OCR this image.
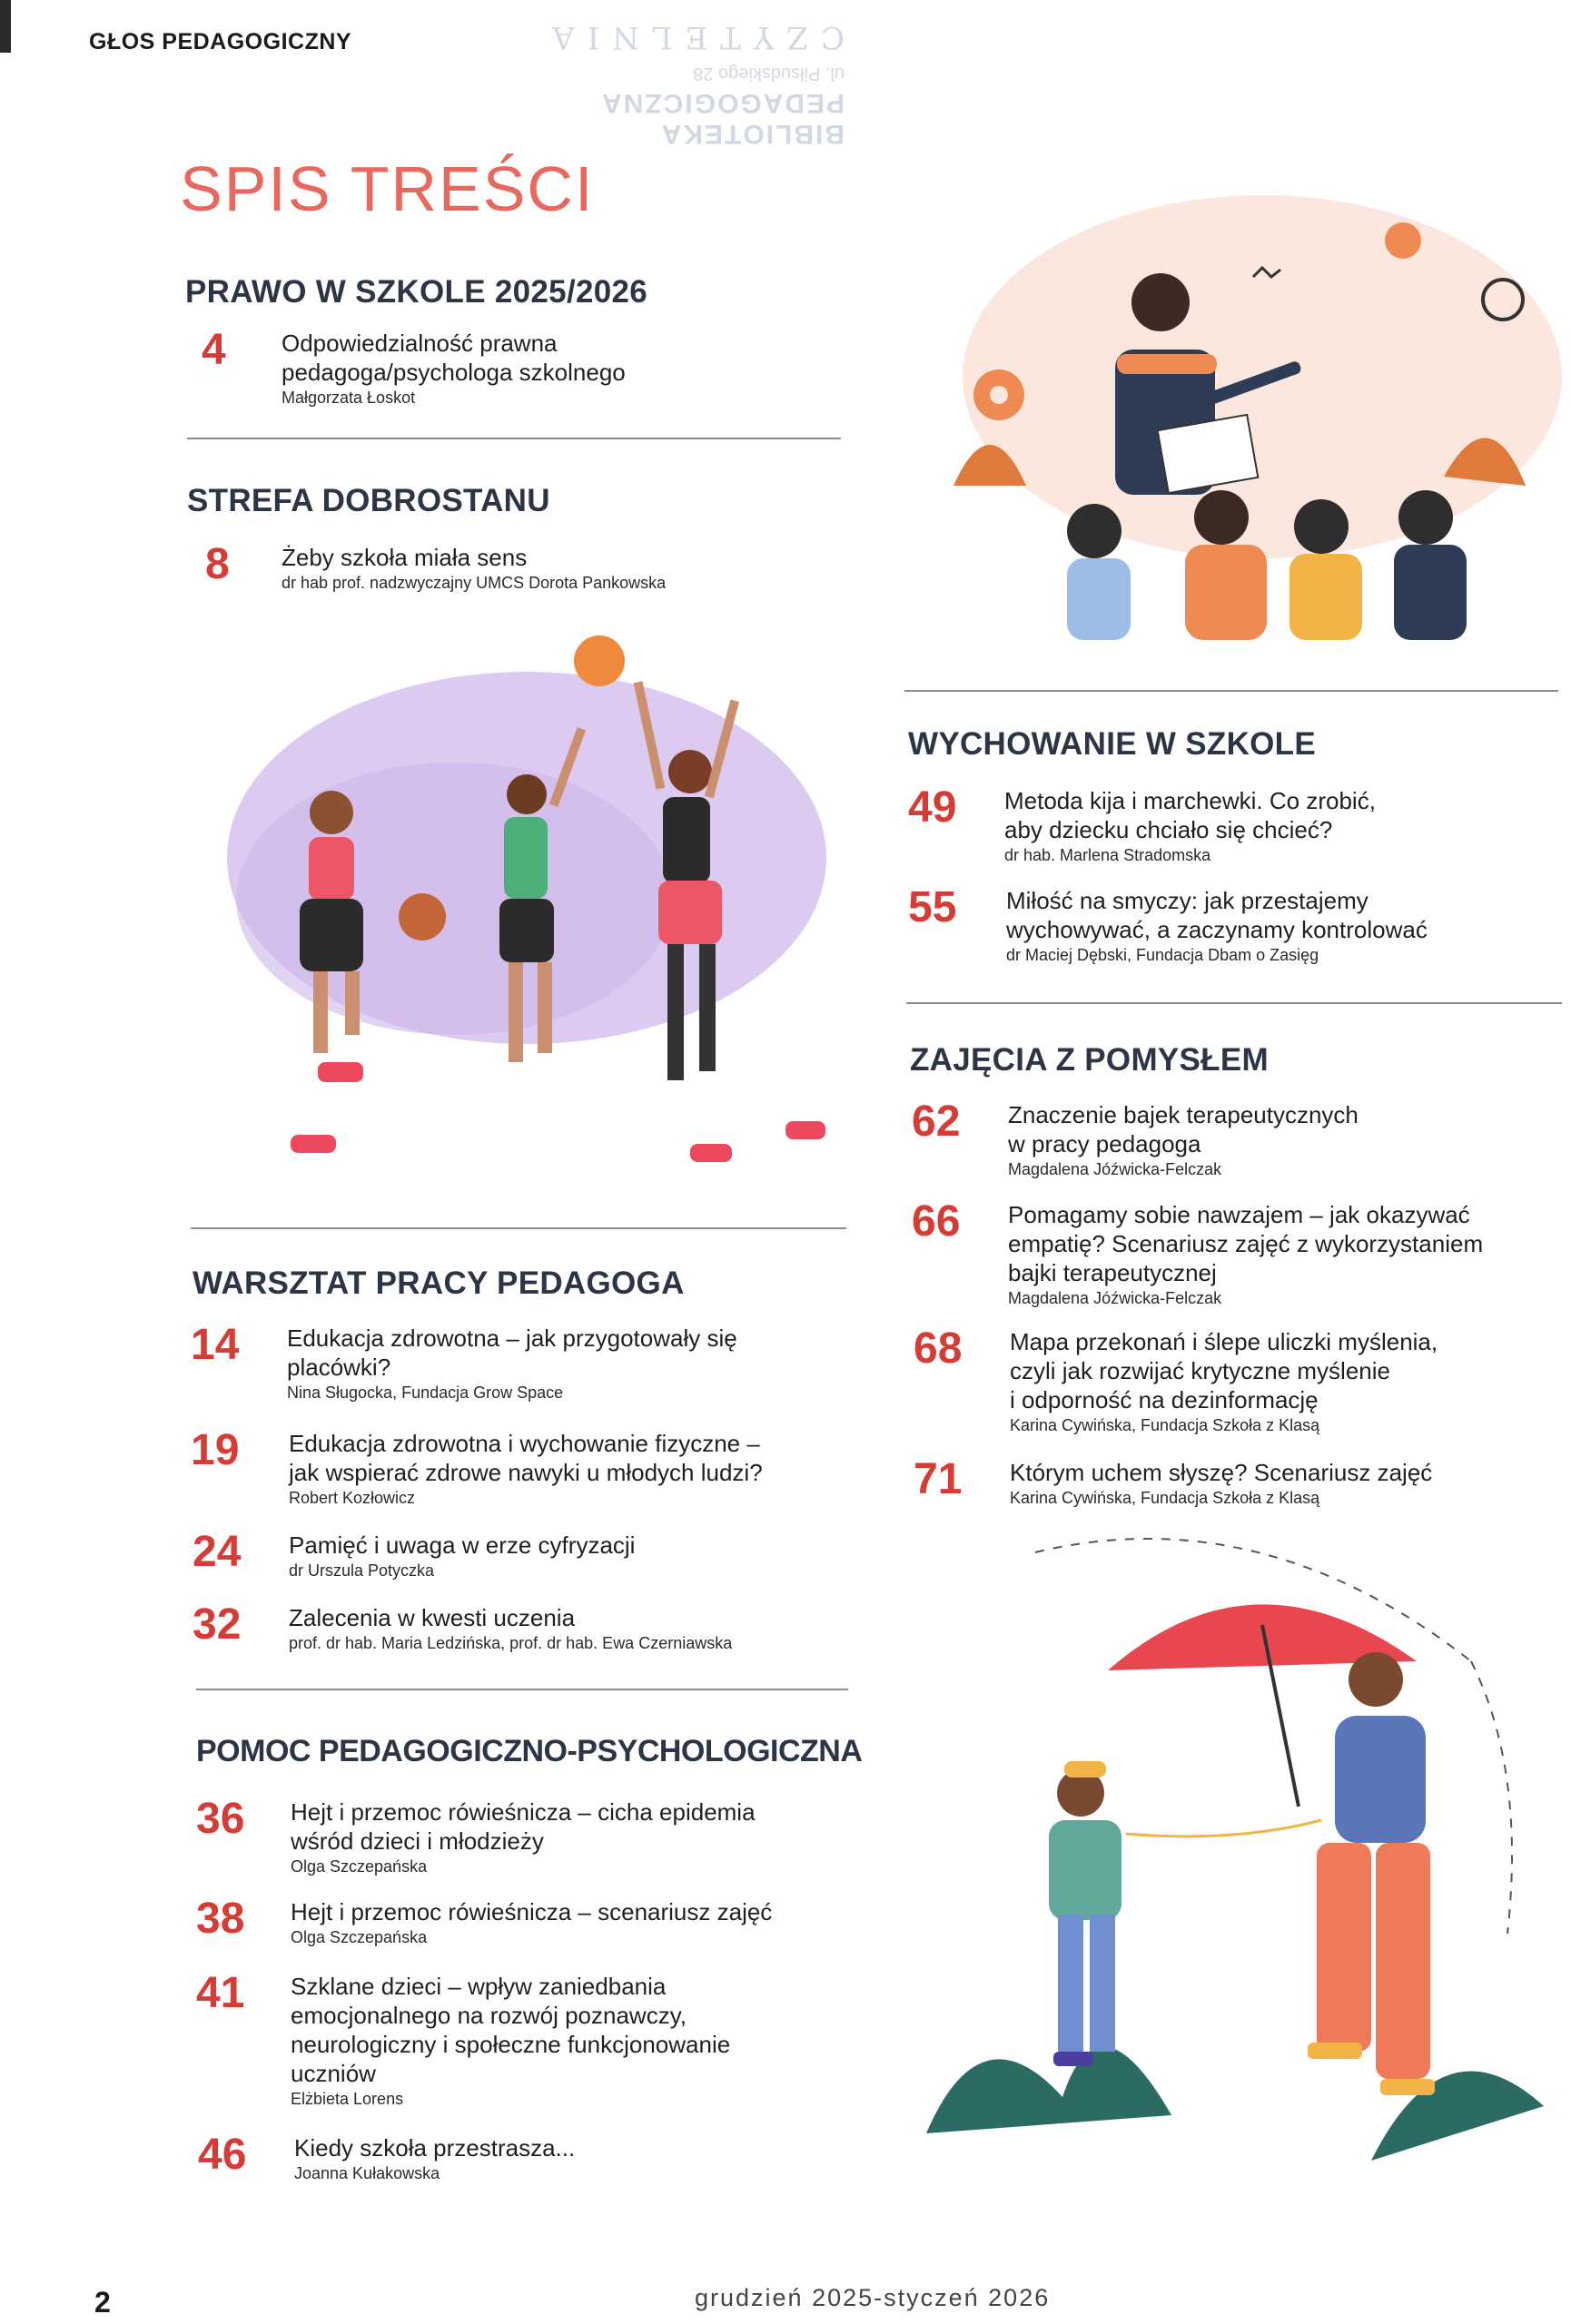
GŁOS PEDAGOGICZNY
BIBLIOTEKA PEDAGOGICZNA
ul. Piłsudskiego 28
CZYTELNIA
SPIS TREŚCI
PRAWO W SZKOLE 2025/2026
4 Odpowiedzialność prawna
pedagoga/psychologa szkolnego
Małgorzata Łoskot
STREFA DOBROSTANU
8 Żeby szkoła miała sens
dr hab prof. nadzwyczajny UMCS Dorota Pankowska
WARSZTAT PRACY PEDAGOGA
14 Edukacja zdrowotna – jak przygotowały się
placówki?
Nina Sługocka, Fundacja Grow Space
19 Edukacja zdrowotna i wychowanie fizyczne –
jak wspierać zdrowe nawyki u młodych ludzi?
Robert Kozłowicz
24 Pamięć i uwaga w erze cyfryzacji
dr Urszula Potyczka
32 Zalecenia w kwesti uczenia
prof. dr hab. Maria Ledzińska, prof. dr hab. Ewa Czerniawska
POMOC PEDAGOGICZNO-PSYCHOLOGICZNA
36 Hejt i przemoc rówieśnicza – cicha epidemia
wśród dzieci i młodzieży
Olga Szczepańska
38 Hejt i przemoc rówieśnicza – scenariusz zajęć
Olga Szczepańska
41 Szklane dzieci – wpływ zaniedbania
emocjonalnego na rozwój poznawczy,
neurologiczny i społeczne funkcjonowanie
uczniów
Elżbieta Lorens
46 Kiedy szkoła przestrasza...
Joanna Kułakowska
WYCHOWANIE W SZKOLE
49 Metoda kija i marchewki. Co zrobić,
aby dziecku chciało się chcieć?
dr hab. Marlena Stradomska
55 Miłość na smyczy: jak przestajemy
wychowywać, a zaczynamy kontrolować
dr Maciej Dębski, Fundacja Dbam o Zasięg
ZAJĘCIA Z POMYSŁEM
62 Znaczenie bajek terapeutycznych
w pracy pedagoga
Magdalena Jóźwicka-Felczak
66 Pomagamy sobie nawzajem – jak okazywać
empatię? Scenariusz zajęć z wykorzystaniem
bajki terapeutycznej
Magdalena Jóźwicka-Felczak
68 Mapa przekonań i ślepe uliczki myślenia,
czyli jak rozwijać krytyczne myślenie
i odporność na dezinformację
Karina Cywińska, Fundacja Szkoła z Klasą
71 Którym uchem słyszę? Scenariusz zajęć
Karina Cywińska, Fundacja Szkoła z Klasą
2	grudzień 2025-styczeń 2026
